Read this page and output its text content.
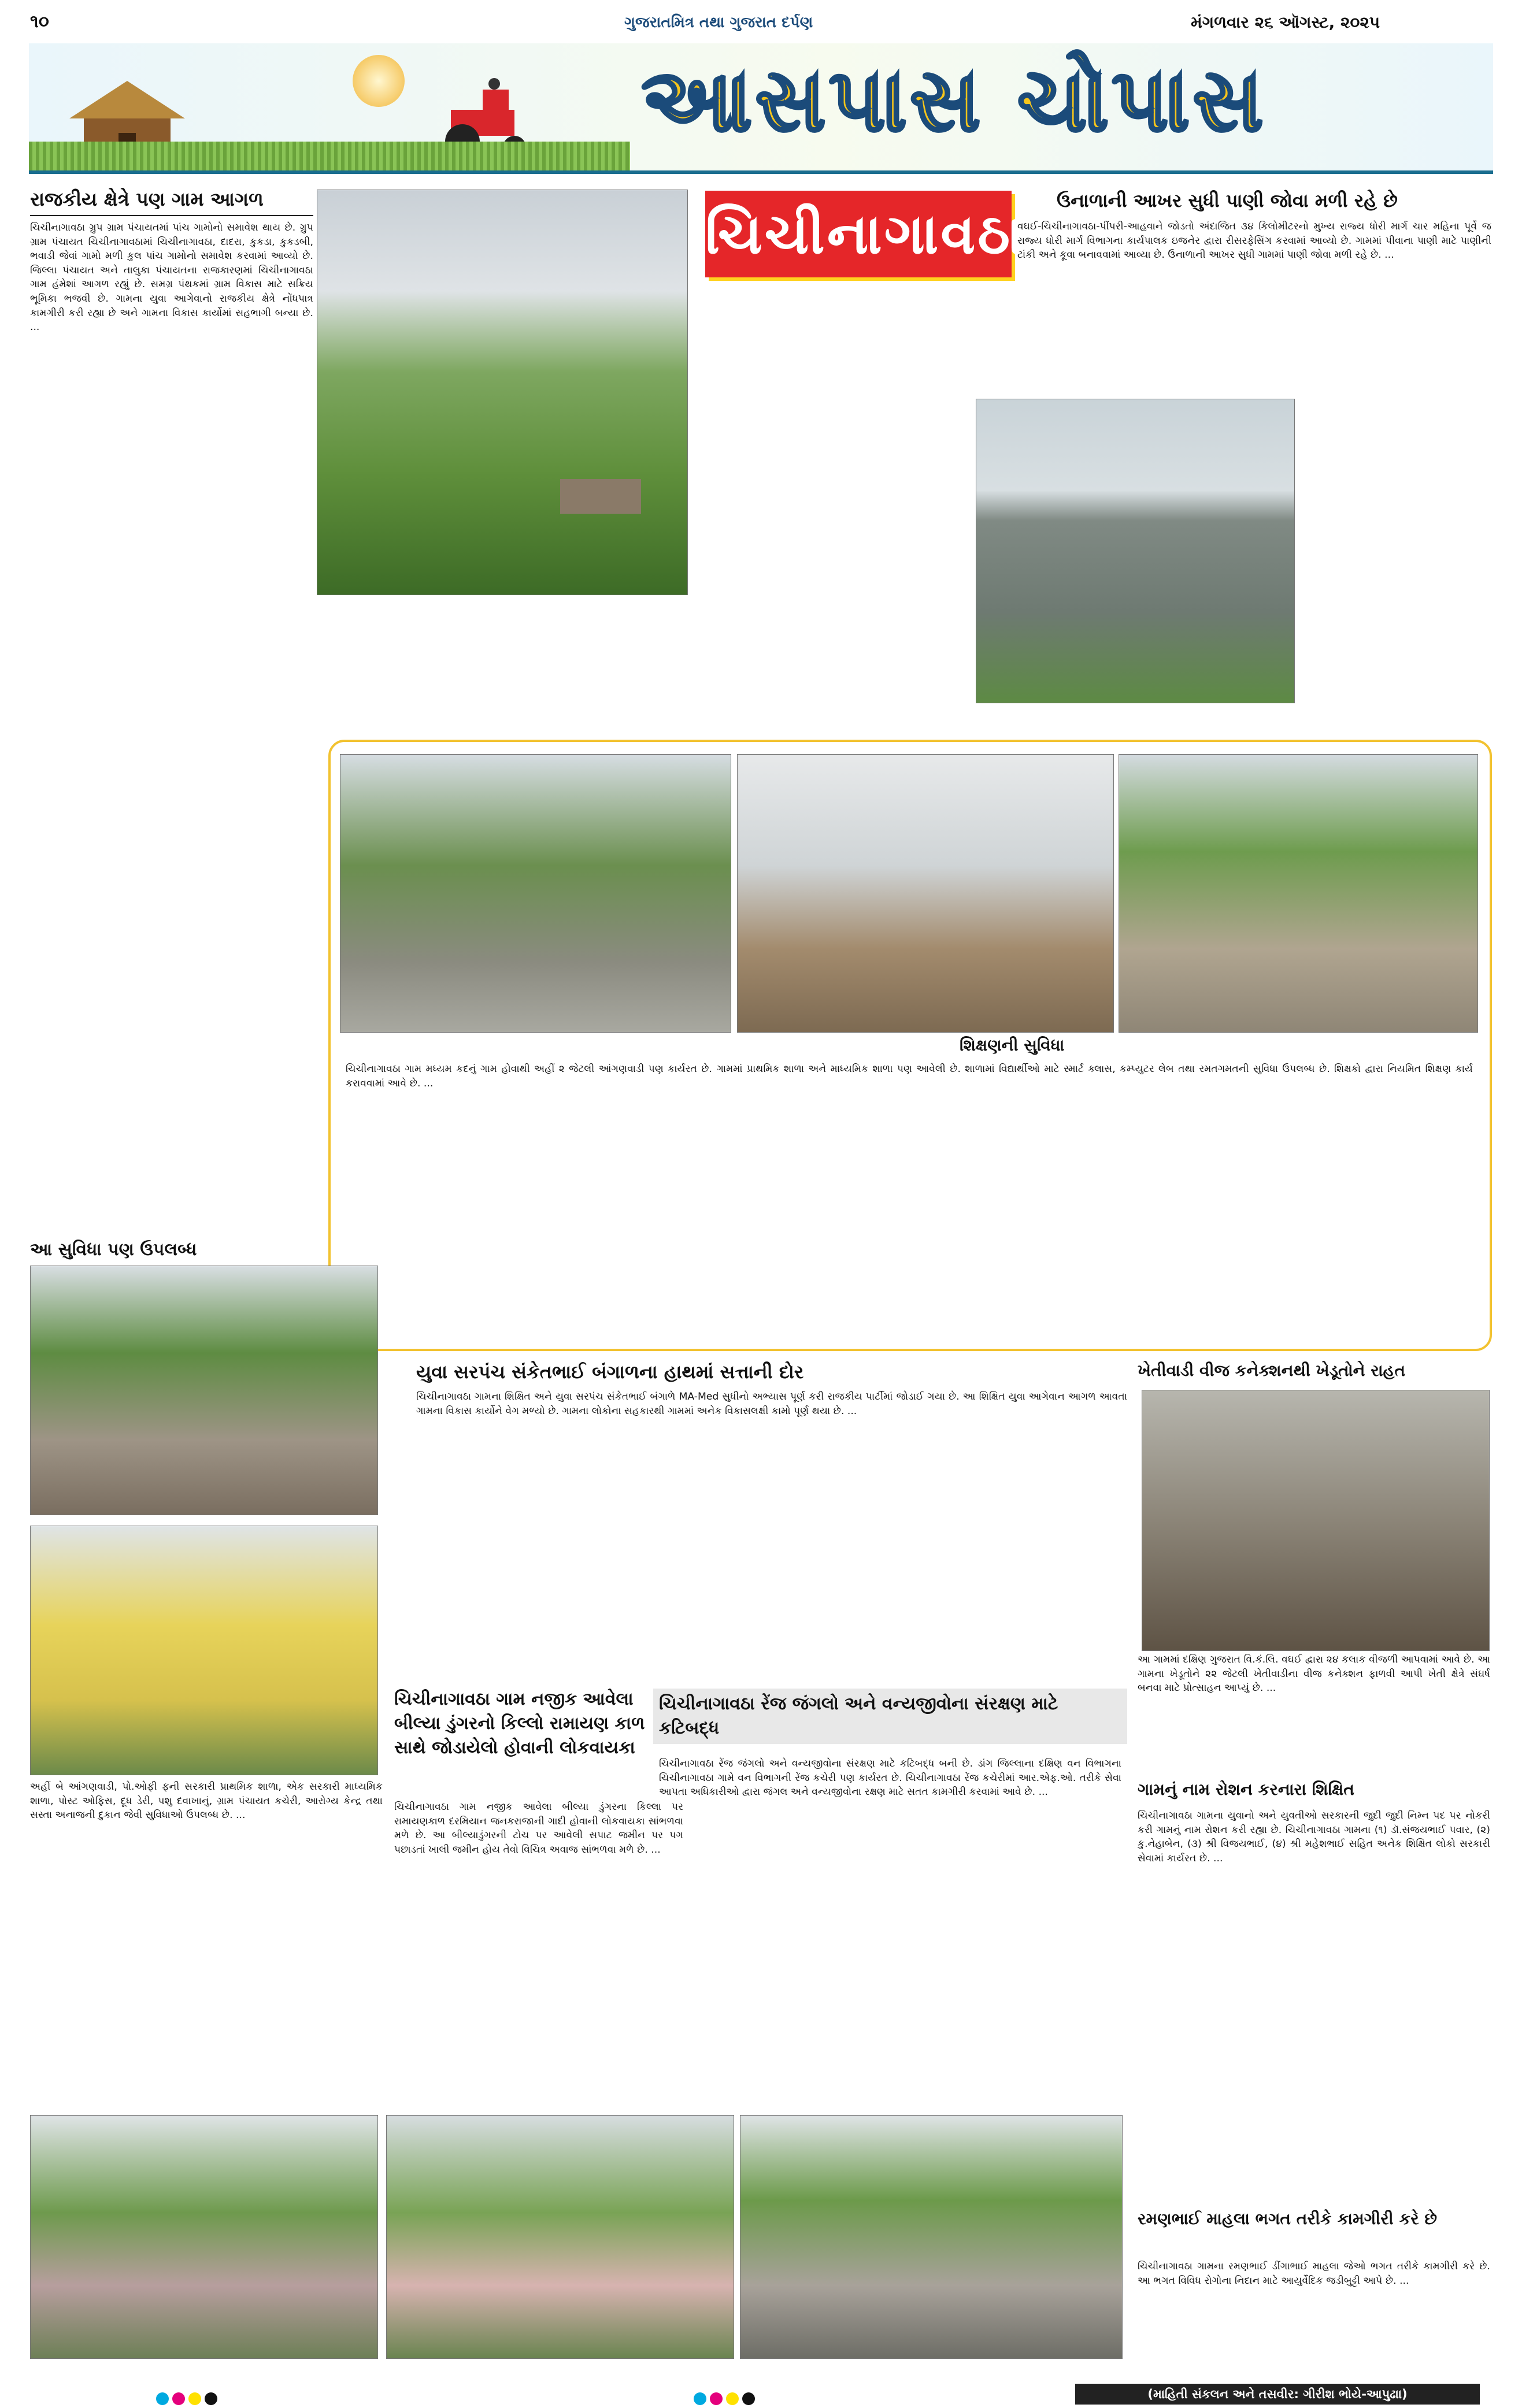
૧૦	ગુજરાતમિત્ર તથા ગુજરાત દર્પણ	મંગળવાર ૨૬ ઑગસ્ટ, ૨૦૨૫
આસપાસ ચોપાસ
રાજકીય ક્ષેત્રે પણ ગામ આગળ
ચિચીનાગાવઠા ગ્રુપ ગ્રામ પંચાયતમાં પાંચ ગામોનો સમાવેશ થાય છે. ગ્રુપ ગ્રામ પંચાયત ચિચીનાગાવઠામાં ચિચીનાગાવઠા, દાદરા, કુકડા, કુકડબી, ભવાડી જેવાં ગામો મળી કુલ પાંચ ગામોનો સમાવેશ કરવામાં આવ્યો છે. જિલ્લા પંચાયત અને તાલુકા પંચાયતના રાજકારણમાં ચિચીનાગાવઠા ગામ હંમેશાં આગળ રહ્યું છે. સમગ્ર પંથકમાં ગ્રામ વિકાસ માટે સક્રિય ભૂમિકા ભજવી છે. ગામના યુવા આગેવાનો રાજકીય ક્ષેત્રે નોંધપાત્ર કામગીરી કરી રહ્યા છે અને ગામના વિકાસ કાર્યોમાં સહભાગી બન્યા છે. ...
ચિચીનાગાવઠા
ઉનાળાની આખર સુધી પાણી જોવા મળી રહે છે
વઘઈ-ચિચીનાગાવઠા-પીંપરી-આહવાને જોડતો અંદાજિત ૩૪ કિલોમીટરનો મુખ્ય રાજ્ય ધોરી માર્ગ ચાર મહિના પૂર્વે જ રાજ્ય ધોરી માર્ગ વિભાગના કાર્યપાલક ઇજનેર દ્વારા રીસરફેસિંગ કરવામાં આવ્યો છે. ગામમાં પીવાના પાણી માટે પાણીની ટાંકી અને કૂવા બનાવવામાં આવ્યા છે. ઉનાળાની આખર સુધી ગામમાં પાણી જોવા મળી રહે છે. ...
શિક્ષણની સુવિધા
ચિચીનાગાવઠા ગામ મધ્યમ કદનું ગામ હોવાથી અહીં ૨ જેટલી આંગણવાડી પણ કાર્યરત છે. ગામમાં પ્રાથમિક શાળા અને માધ્યમિક શાળા પણ આવેલી છે. શાળામાં વિદ્યાર્થીઓ માટે સ્માર્ટ ક્લાસ, કમ્પ્યુટર લેબ તથા રમતગમતની સુવિધા ઉપલબ્ધ છે. શિક્ષકો દ્વારા નિયમિત શિક્ષણ કાર્ય કરાવવામાં આવે છે. ...
આ સુવિધા પણ ઉપલબ્ધ
અહીં બે આંગણવાડી, પો.ઓફી ફની સરકારી પ્રાથમિક શાળા, એક સરકારી માધ્યમિક શાળા, પોસ્ટ ઓફિસ, દૂધ ડેરી, પશુ દવાખાનું, ગ્રામ પંચાયત કચેરી, આરોગ્ય કેન્દ્ર તથા સસ્તા અનાજની દુકાન જેવી સુવિધાઓ ઉપલબ્ધ છે. ...
યુવા સરપંચ સંકેતભાઈ બંગાળના હાથમાં સત્તાની દોર
ચિચીનાગાવઠા ગામના શિક્ષિત અને યુવા સરપંચ સંકેતભાઈ બંગાળે MA-Med સુધીનો અભ્યાસ પૂર્ણ કરી રાજકીય પાર્ટીમાં જોડાઈ ગયા છે. આ શિક્ષિત યુવા આગેવાન આગળ આવતા ગામના વિકાસ કાર્યોને વેગ મળ્યો છે. ગામના લોકોના સહકારથી ગામમાં અનેક વિકાસલક્ષી કામો પૂર્ણ થયા છે. ...
ખેતીવાડી વીજ કનેક્શનથી ખેડૂતોને રાહત
આ ગામમાં દક્ષિણ ગુજરાત વિ.કં.લિ. વઘઈ દ્વારા ૨૪ કલાક વીજળી આપવામાં આવે છે. આ ગામના ખેડૂતોને ૨૨ જેટલી ખેતીવાડીના વીજ કનેક્શન ફાળવી આપી ખેતી ક્ષેત્રે સંઘર્ષ બનવા માટે પ્રોત્સાહન આપ્યું છે. ...
ચિચીનાગાવઠા ગામ નજીક આવેલા બીલ્યા ડુંગરનો કિલ્લો રામાયણ કાળ સાથે જોડાયેલો હોવાની લોકવાયકા
ચિચીનાગાવઠા ગામ નજીક આવેલા બીલ્યા ડુંગરના કિલ્લા પર રામાયણકાળ દરમિયાન જનકરાજાની ગાદી હોવાની લોકવાયકા સાંભળવા મળે છે. આ બીલ્યાડુંગરની ટોચ પર આવેલી સપાટ જમીન પર પગ પછાડતાં ખાલી જમીન હોય તેવો વિચિત્ર અવાજ સાંભળવા મળે છે. ...
ચિચીનાગાવઠા રેંજ જંગલો અને વન્યજીવોના સંરક્ષણ માટે કટિબદ્ધ
ચિચીનાગાવઠા રેંજ જંગલો અને વન્યજીવોના સંરક્ષણ માટે કટિબદ્ધ બની છે. ડાંગ જિલ્લાના દક્ષિણ વન વિભાગના ચિચીનાગાવઠા ગામે વન વિભાગની રેંજ કચેરી પણ કાર્યરત છે. ચિચીનાગાવઠા રેંજ કચેરીમાં આર.એફ.ઓ. તરીકે સેવા આપતા અધિકારીઓ દ્વારા જંગલ અને વન્યજીવોના રક્ષણ માટે સતત કામગીરી કરવામાં આવે છે. ...	ગામનું નામ રોશન કરનારા શિક્ષિત
ચિચીનાગાવઠા ગામના યુવાનો અને યુવતીઓ સરકારની જુદી જુદી નિમ્ન પદ પર નોકરી કરી ગામનું નામ રોશન કરી રહ્યા છે. ચિચીનાગાવઠા ગામના (૧) ડૉ.સંજયભાઈ પવાર, (૨) કુ.નેહાબેન, (૩) શ્રી વિજયભાઈ, (૪) શ્રી મહેશભાઈ સહિત અનેક શિક્ષિત લોકો સરકારી સેવામાં કાર્યરત છે. ...
રમણભાઈ માહલા ભગત તરીકે કામગીરી કરે છે
ચિચીનાગાવઠા ગામના રમણભાઈ ડીંગાભાઈ માહલા જેઓ ભગત તરીકે કામગીરી કરે છે. આ ભગત વિવિધ રોગોના નિદાન માટે આયુર્વેદિક જડીબુટ્ટી આપે છે. ...
(માહિતી સંકલન અને તસવીર: ગીરીશ ભોયે-આપુઢાા)
